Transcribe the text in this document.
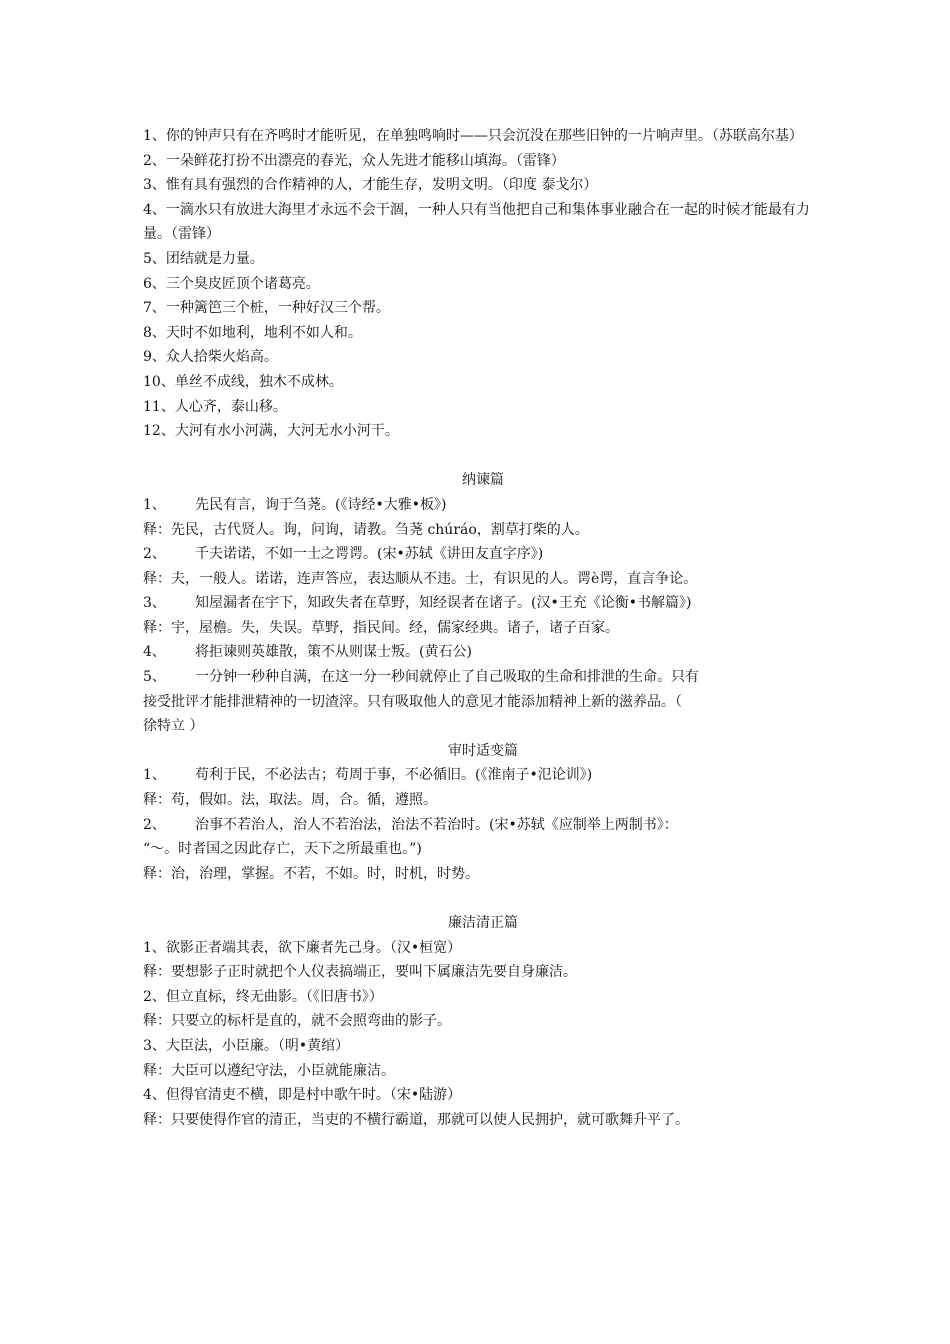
1、你的钟声只有在齐鸣时才能听见，在单独鸣响时——只会沉没在那些旧钟的一片响声里。（苏联高尔基）
2、一朵鲜花打扮不出漂亮的春光，众人先进才能移山填海。（雷锋）
3、惟有具有强烈的合作精神的人，才能生存，发明文明。（印度 泰戈尔）
4、一滴水只有放进大海里才永远不会干涸，一种人只有当他把自己和集体事业融合在一起的时候才能最有力量。（雷锋）
5、团结就是力量。
6、三个臭皮匠顶个诸葛亮。
7、一种篱笆三个桩，一种好汉三个帮。
8、天时不如地利，地利不如人和。
9、众人拾柴火焰高。
10、单丝不成线，独木不成林。
11、人心齐，泰山移。
12、大河有水小河满，大河无水小河干。
纳谏篇
1、 先民有言，询于刍荛。(《诗经•大雅•板》)
释：先民，古代贤人。询，问询，请教。刍荛 chúráo，割草打柴的人。
2、 千夫诺诺，不如一士之谔谔。(宋•苏轼《讲田友直字序》)
释：夫，一般人。诺诺，连声答应，表达顺从不违。士，有识见的人。谔è谔，直言争论。
3、 知屋漏者在宇下，知政失者在草野，知经误者在诸子。(汉•王充《论衡•书解篇》)
释：宇，屋檐。失，失误。草野，指民间。经，儒家经典。诸子，诸子百家。
4、 将拒谏则英雄散，策不从则谋士叛。(黄石公)
5、 一分钟一秒种自满，在这一分一秒间就停止了自己吸取的生命和排泄的生命。只有
接受批评才能排泄精神的一切渣滓。只有吸取他人的意见才能添加精神上新的滋养品。（
徐特立 ）
审时适变篇
1、 苟利于民，不必法古；苟周于事，不必循旧。(《淮南子•氾论训》)
释：苟，假如。法，取法。周，合。循，遵照。
2、 治事不若治人，治人不若治法，治法不若治时。(宋•苏轼《应制举上两制书》：
“～。时者国之因此存亡，天下之所最重也。”)
释：治，治理，掌握。不若，不如。时，时机，时势。
廉洁清正篇
1、欲影正者端其表，欲下廉者先己身。（汉•桓宽）
释：要想影子正时就把个人仪表搞端正，要叫下属廉洁先要自身廉洁。
2、但立直标，终无曲影。（《旧唐书》）
释：只要立的标杆是直的，就不会照弯曲的影子。
3、大臣法，小臣廉。（明•黄绾）
释：大臣可以遵纪守法，小臣就能廉洁。
4、但得官清吏不横，即是村中歌午时。（宋•陆游）
释：只要使得作官的清正，当吏的不横行霸道，那就可以使人民拥护，就可歌舞升平了。
